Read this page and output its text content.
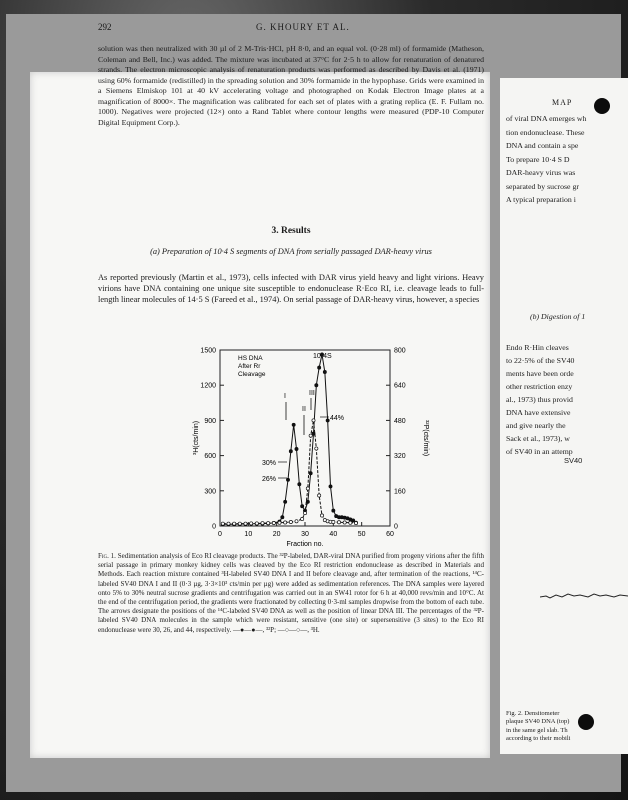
292	G. KHOURY ET AL.
solution was then neutralized with 30 µl of 2 M-Tris·HCl, pH 8·0, and an equal vol. (0·28 ml) of formamide (Matheson, Coleman and Bell, Inc.) was added. The mixture was incubated at 37°C for 2·5 h to allow for renaturation of denatured strands. The electron microscopic analysis of renaturation products was performed as described by Davis et al. (1971) using 60% formamide (redistilled) in the spreading solution and 30% formamide in the hypophase. Grids were examined in a Siemens Elmiskop 101 at 40 kV accelerating voltage and photographed on Kodak Electron Image plates at a magnification of 8000×. The magnification was calibrated for each set of plates with a grating replica (E. F. Fullam no. 1000). Negatives were projected (12×) onto a Rand Tablet where contour lengths were measured (PDP-10 Computer Digital Equipment Corp.).
3. Results
(a) Preparation of 10·4 S segments of DNA from serially passaged DAR-heavy virus
As reported previously (Martin et al., 1973), cells infected with DAR virus yield heavy and light virions. Heavy virions have DNA containing one unique site susceptible to endonuclease R·Eco RI, i.e. cleavage leads to full-length linear molecules of 14·5 S (Fareed et al., 1974). On serial passage of DAR-heavy virus, however, a species
0	10	20	30	40	50	60
0
300
600
900
1200
1500
0
160
320
480
640
800
Fraction no.
³H(cts/min)	³²P(cts/min)
10·4S
I
II
III
44%
30%
26%
HS DNA
After Rr
Cleavage
Fig. 1. Sedimentation analysis of Eco RI cleavage products. The ³²P-labeled, DAR-viral DNA purified from progeny virions after the fifth serial passage in primary monkey kidney cells was cleaved by the Eco RI restriction endonuclease as described in Materials and Methods. Each reaction mixture contained ³H-labeled SV40 DNA I and II before cleavage and, after termination of the reactions, ¹⁴C-labeled SV40 DNA I and II (0·3 µg, 3·3×10³ cts/min per µg) were added as sedimentation references. The DNA samples were layered onto 5% to 30% neutral sucrose gradients and centrifugation was carried out in an SW41 rotor for 6 h at 40,000 revs/min and 10°C. At the end of the centrifugation period, the gradients were fractionated by collecting 0·3-ml samples dropwise from the bottom of each tube. The arrows designate the positions of the ¹⁴C-labeled SV40 DNA as well as the position of linear DNA III. The percentages of the ³²P-labeled SV40 DNA molecules in the sample which were resistant, sensitive (one site) or supersensitive (3 sites) to the Eco RI endonuclease were 30, 26, and 44, respectively. —●—●—, ³²P; —○—○—, ³H.
MAP
of viral DNA emerges wh
tion endonuclease. These
DNA and contain a spe
To prepare 10·4 S D
DAR-heavy virus was
separated by sucrose gr
A typical preparation i
(b) Digestion of 1
Endo R·Hin cleaves
to 22·5% of the SV40
ments have been orde
other restriction enzy
al., 1973) thus provid
DNA have extensive
and give nearly the
Sack et al., 1973), w
of SV40 in an attemp
SV40
Fig. 2. Densitometer
plaque SV40 DNA (top)
in the same gel slab. Th
according to their mobili
